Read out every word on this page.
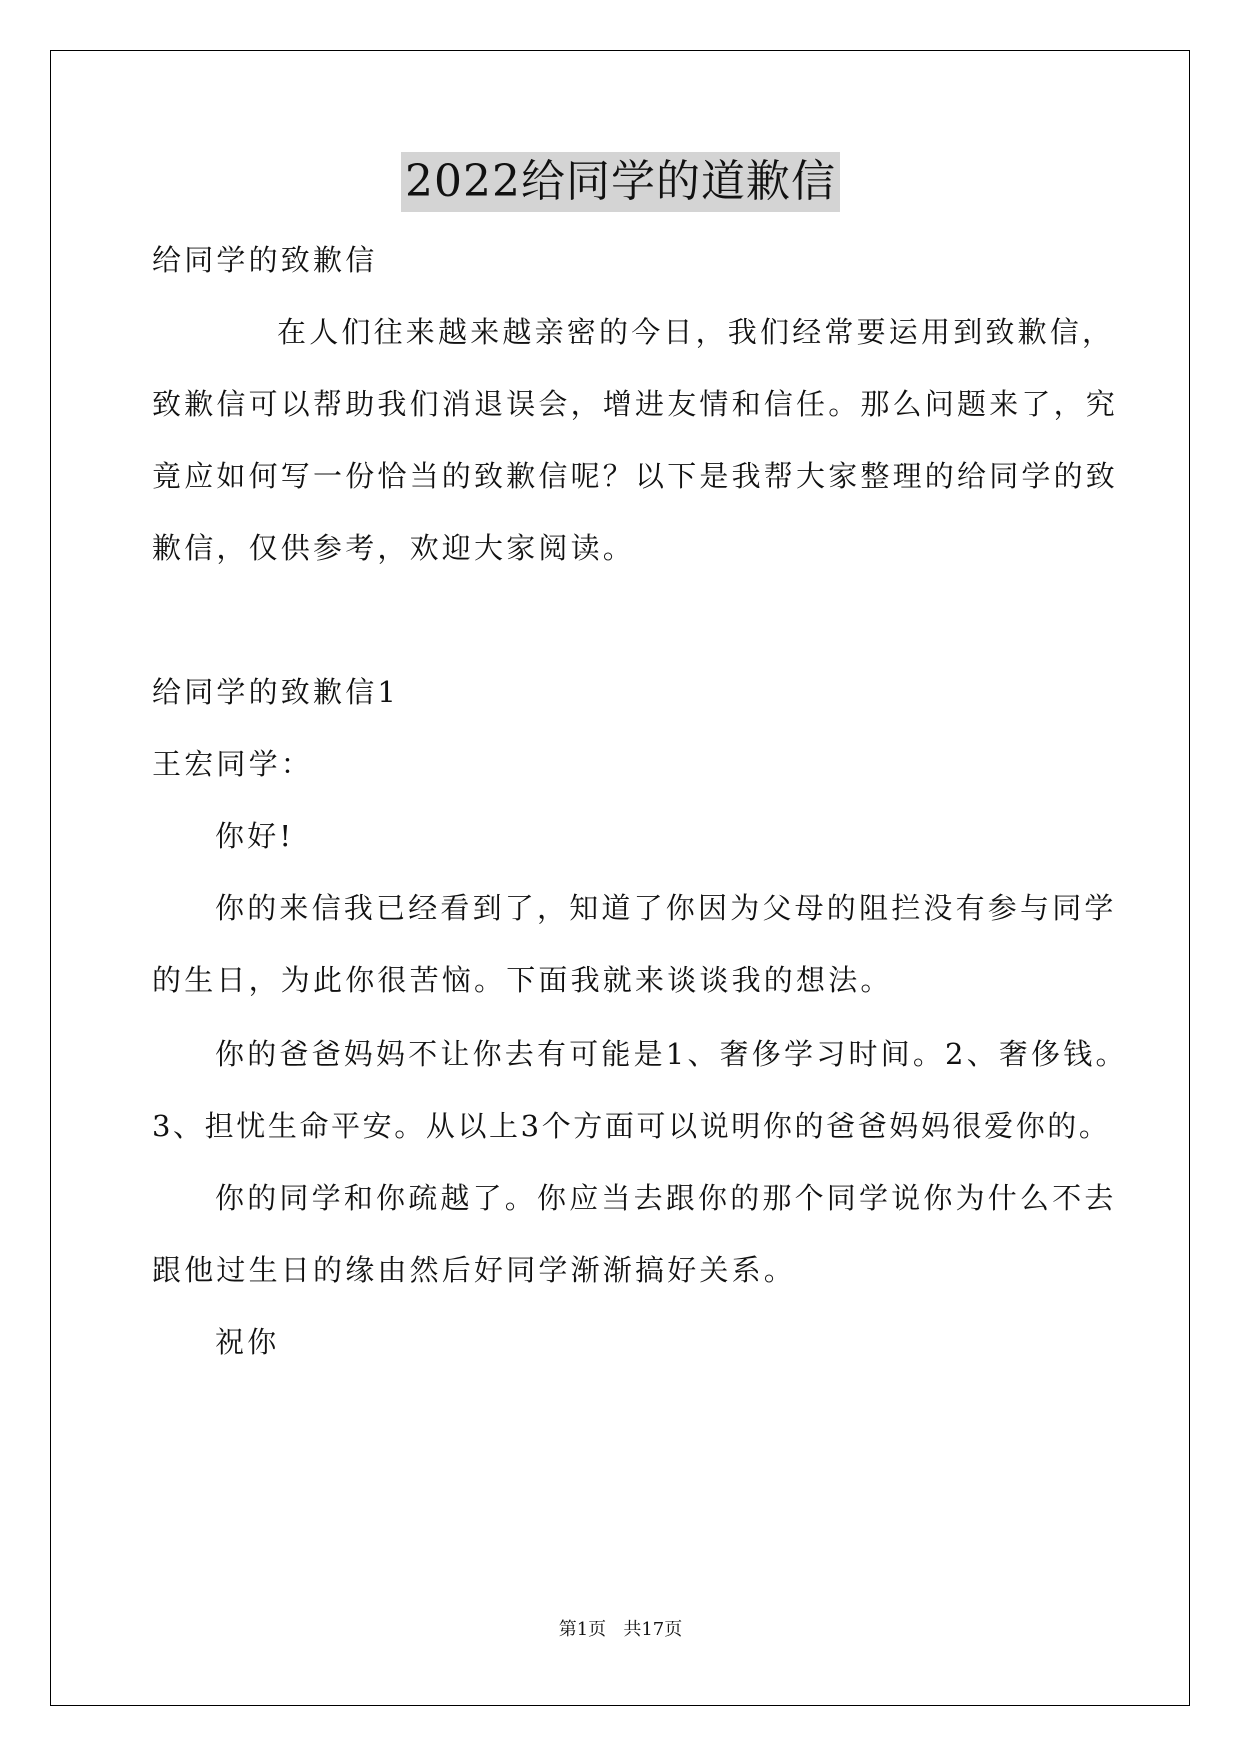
2022给同学的道歉信
给同学的致歉信
在人们往来越来越亲密的今日，我们经常要运用到致歉信，
致歉信可以帮助我们消退误会，增进友情和信任。那么问题来了，究
竟应如何写一份恰当的致歉信呢？以下是我帮大家整理的给同学的致
歉信，仅供参考，欢迎大家阅读。
给同学的致歉信1
王宏同学：
你好!
你的来信我已经看到了，知道了你因为父母的阻拦没有参与同学
的生日，为此你很苦恼。下面我就来谈谈我的想法。
你的爸爸妈妈不让你去有可能是1、奢侈学习时间。2、奢侈钱。
3、担忧生命平安。从以上3个方面可以说明你的爸爸妈妈很爱你的。
你的同学和你疏越了。你应当去跟你的那个同学说你为什么不去
跟他过生日的缘由然后好同学渐渐搞好关系。
祝你
第1页   共17页
